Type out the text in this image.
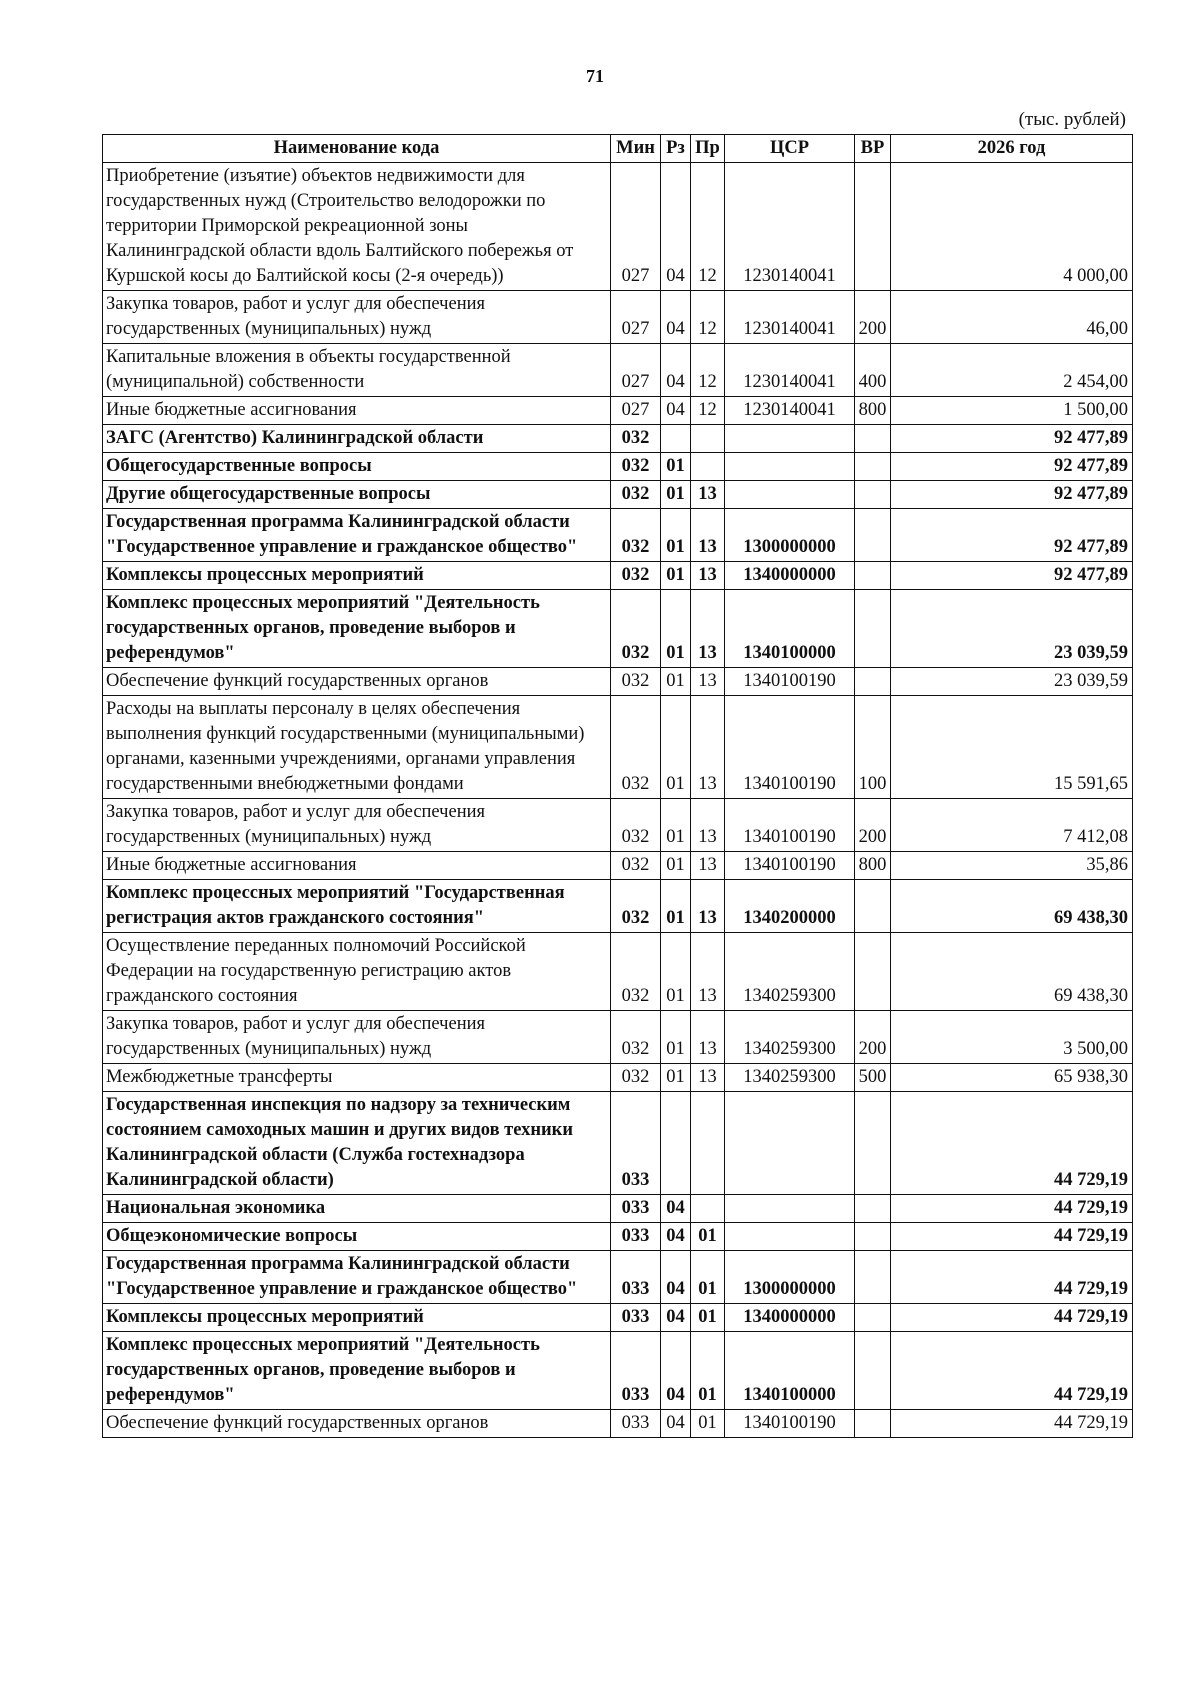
71
(тыс. рублей)
Наименование кода	Мин	Рз	Пр	ЦСР	ВР	2026 год
Приобретение (изъятие) объектов недвижимости для государственных нужд (Строительство велодорожки по территории Приморской рекреационной зоны Калининградской области вдоль Балтийского побережья от Куршской косы до Балтийской косы (2-я очередь))	027	04	12	1230140041		4 000,00
Закупка товаров, работ и услуг для обеспечения государственных (муниципальных) нужд	027	04	12	1230140041	200	46,00
Капитальные вложения в объекты государственной (муниципальной) собственности	027	04	12	1230140041	400	2 454,00
Иные бюджетные ассигнования	027	04	12	1230140041	800	1 500,00
ЗАГС (Агентство) Калининградской области	032					92 477,89
Общегосударственные вопросы	032	01				92 477,89
Другие общегосударственные вопросы	032	01	13			92 477,89
Государственная программа Калининградской области "Государственное управление и гражданское общество"	032	01	13	1300000000		92 477,89
Комплексы процессных мероприятий	032	01	13	1340000000		92 477,89
Комплекс процессных мероприятий "Деятельность государственных органов, проведение выборов и референдумов"	032	01	13	1340100000		23 039,59
Обеспечение функций государственных органов	032	01	13	1340100190		23 039,59
Расходы на выплаты персоналу в целях обеспечения выполнения функций государственными (муниципальными) органами, казенными учреждениями, органами управления государственными внебюджетными фондами	032	01	13	1340100190	100	15 591,65
Закупка товаров, работ и услуг для обеспечения государственных (муниципальных) нужд	032	01	13	1340100190	200	7 412,08
Иные бюджетные ассигнования	032	01	13	1340100190	800	35,86
Комплекс процессных мероприятий "Государственная регистрация актов гражданского состояния"	032	01	13	1340200000		69 438,30
Осуществление переданных полномочий Российской Федерации на государственную регистрацию актов гражданского состояния	032	01	13	1340259300		69 438,30
Закупка товаров, работ и услуг для обеспечения государственных (муниципальных) нужд	032	01	13	1340259300	200	3 500,00
Межбюджетные трансферты	032	01	13	1340259300	500	65 938,30
Государственная инспекция по надзору за техническим состоянием самоходных машин и других видов техники Калининградской области (Служба гостехнадзора Калининградской области)	033					44 729,19
Национальная экономика	033	04				44 729,19
Общеэкономические вопросы	033	04	01			44 729,19
Государственная программа Калининградской области "Государственное управление и гражданское общество"	033	04	01	1300000000		44 729,19
Комплексы процессных мероприятий	033	04	01	1340000000		44 729,19
Комплекс процессных мероприятий "Деятельность государственных органов, проведение выборов и референдумов"	033	04	01	1340100000		44 729,19
Обеспечение функций государственных органов	033	04	01	1340100190		44 729,19
